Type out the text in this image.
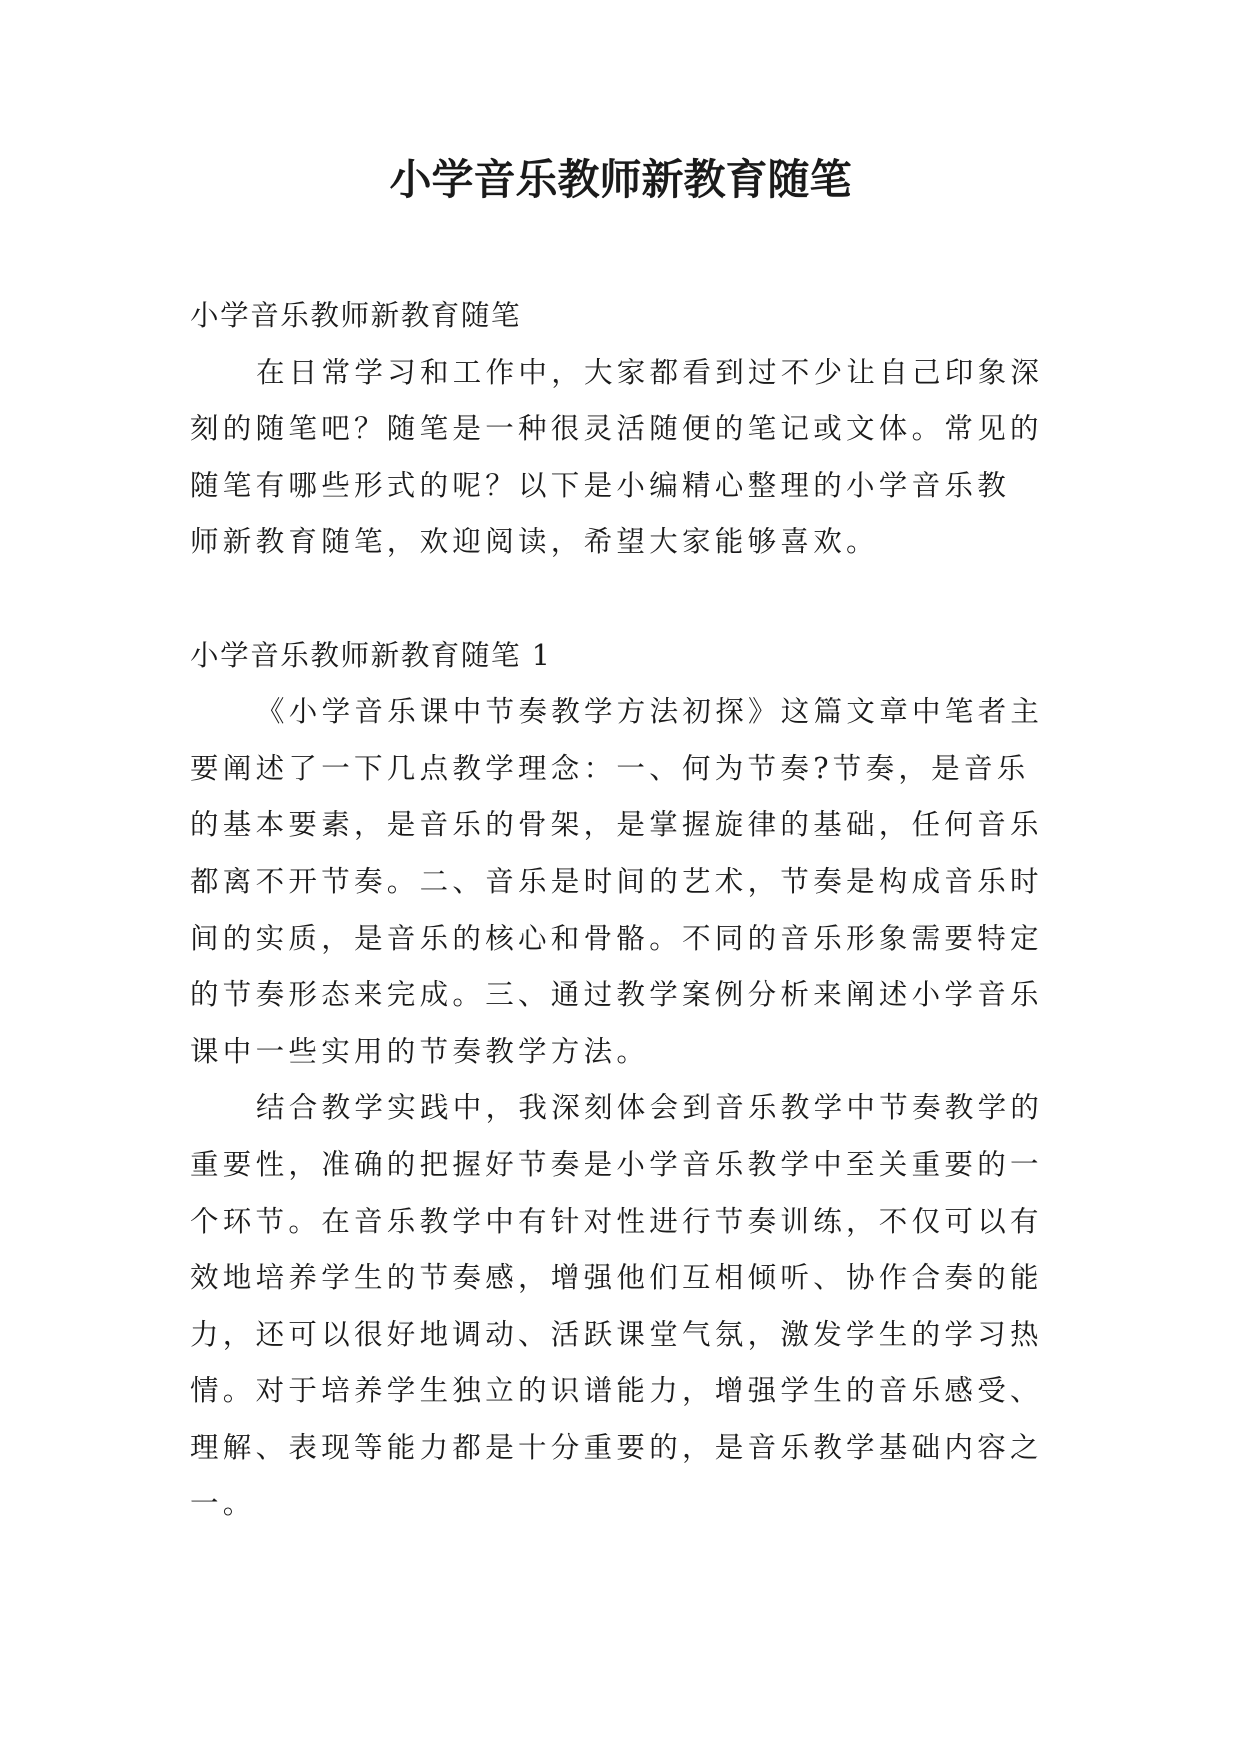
小学音乐教师新教育随笔

小学音乐教师新教育随笔

在日常学习和工作中，大家都看到过不少让自己印象深

刻的随笔吧？随笔是一种很灵活随便的笔记或文体。常见的

随笔有哪些形式的呢？以下是小编精心整理的小学音乐教

师新教育随笔，欢迎阅读，希望大家能够喜欢。

小学音乐教师新教育随笔 1

《小学音乐课中节奏教学方法初探》这篇文章中笔者主

要阐述了一下几点教学理念：一、何为节奏?节奏，是音乐

的基本要素，是音乐的骨架，是掌握旋律的基础，任何音乐

都离不开节奏。二、音乐是时间的艺术，节奏是构成音乐时

间的实质，是音乐的核心和骨骼。不同的音乐形象需要特定

的节奏形态来完成。三、通过教学案例分析来阐述小学音乐

课中一些实用的节奏教学方法。

结合教学实践中，我深刻体会到音乐教学中节奏教学的

重要性，准确的把握好节奏是小学音乐教学中至关重要的一

个环节。在音乐教学中有针对性进行节奏训练，不仅可以有

效地培养学生的节奏感，增强他们互相倾听、协作合奏的能

力，还可以很好地调动、活跃课堂气氛，激发学生的学习热

情。对于培养学生独立的识谱能力，增强学生的音乐感受、

理解、表现等能力都是十分重要的，是音乐教学基础内容之

一。
